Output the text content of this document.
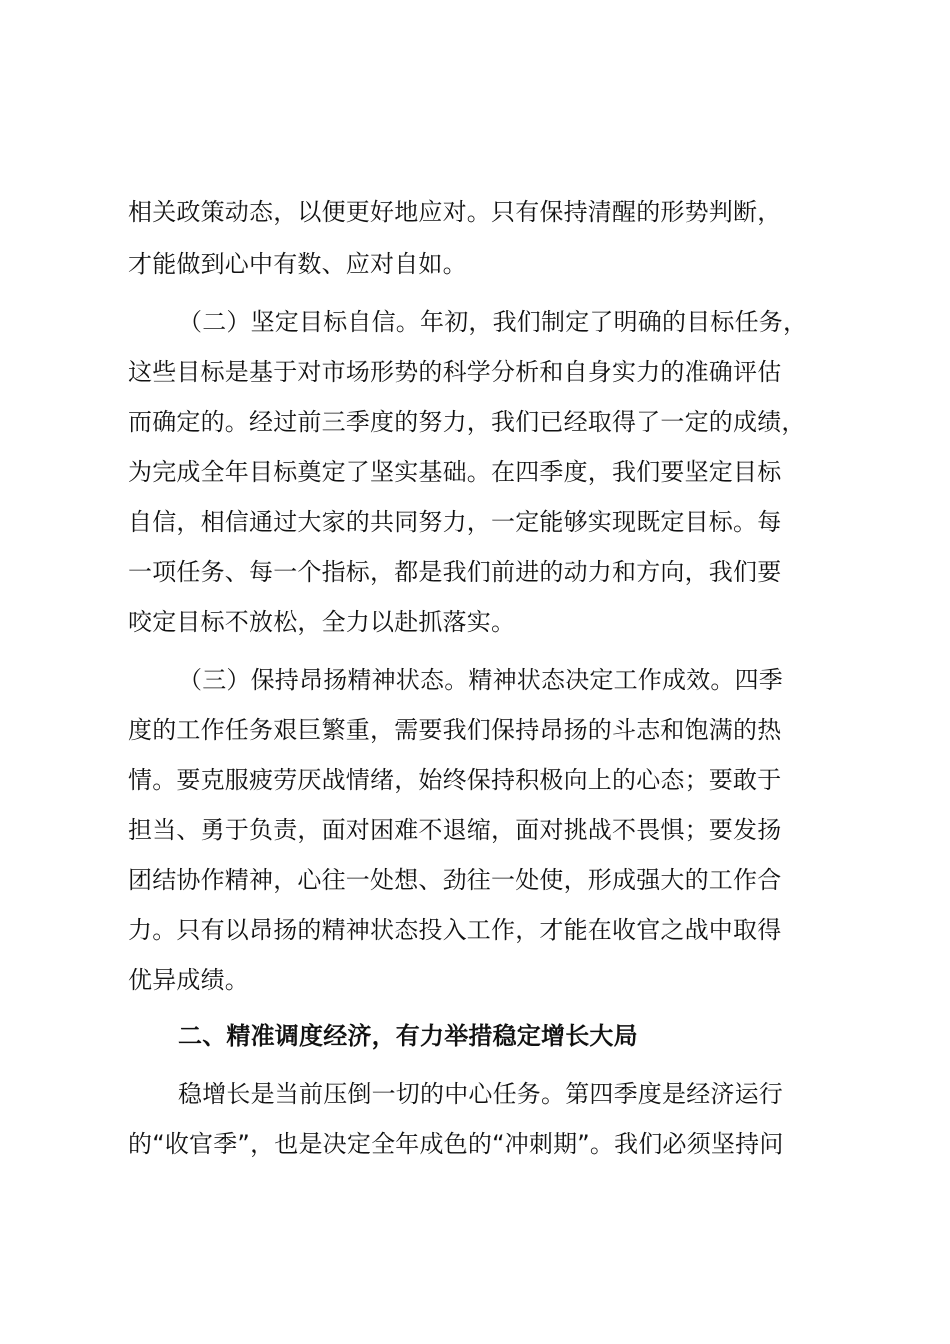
相关政策动态，以便更好地应对。只有保持清醒的形势判断，

才能做到心中有数、应对自如。

（二）坚定目标自信。年初，我们制定了明确的目标任务，

这些目标是基于对市场形势的科学分析和自身实力的准确评估

而确定的。经过前三季度的努力，我们已经取得了一定的成绩，

为完成全年目标奠定了坚实基础。在四季度，我们要坚定目标

自信，相信通过大家的共同努力，一定能够实现既定目标。每

一项任务、每一个指标，都是我们前进的动力和方向，我们要

咬定目标不放松，全力以赴抓落实。

（三）保持昂扬精神状态。精神状态决定工作成效。四季

度的工作任务艰巨繁重，需要我们保持昂扬的斗志和饱满的热

情。要克服疲劳厌战情绪，始终保持积极向上的心态；要敢于

担当、勇于负责，面对困难不退缩，面对挑战不畏惧；要发扬

团结协作精神，心往一处想、劲往一处使，形成强大的工作合

力。只有以昂扬的精神状态投入工作，才能在收官之战中取得

优异成绩。

二、精准调度经济，有力举措稳定增长大局

稳增长是当前压倒一切的中心任务。第四季度是经济运行

的“收官季”，也是决定全年成色的“冲刺期”。我们必须坚持问
